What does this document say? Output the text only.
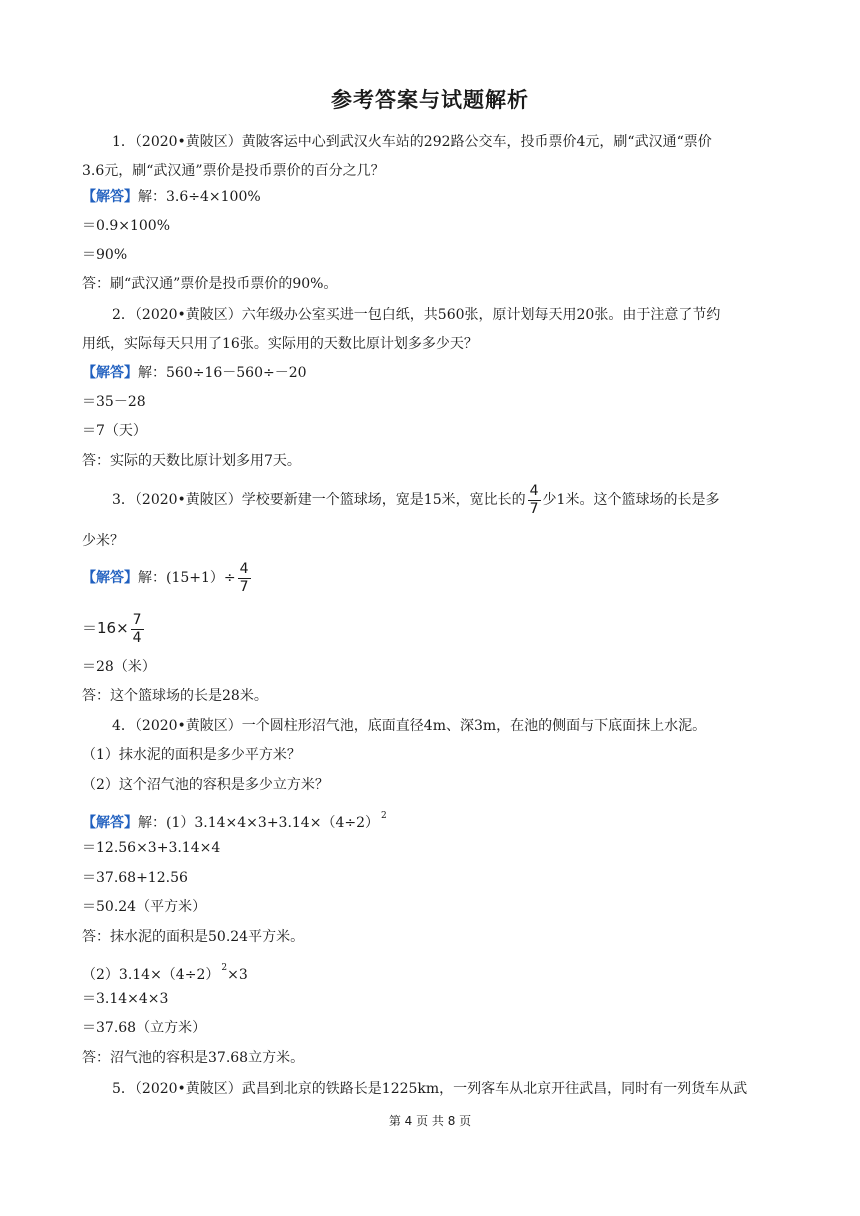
参考答案与试题解析
1．（2020•黄陂区）黄陂客运中心到武汉火车站的292路公交车，投币票价4元，刷“武汉通“票价
3.6元，刷“武汉通”票价是投币票价的百分之几？
【解答】解：3.6÷4×100%
＝0.9×100%
＝90%
答：刷“武汉通”票价是投币票价的90%。
2．（2020•黄陂区）六年级办公室买进一包白纸，共560张，原计划每天用20张。由于注意了节约
用纸，实际每天只用了16张。实际用的天数比原计划多多少天？
【解答】解：560÷16－560÷－20
＝35－28
＝7（天）
答：实际的天数比原计划多用7天。
3．（2020•黄陂区）学校要新建一个篮球场，宽是15米，宽比长的 $\frac{4}{7}$ 少1米。这个篮球场的长是多
少米？
【解答】解：$(15+1)\div \frac{4}{7}$
$=16\times \frac{7}{4}$
＝28（米）
答：这个篮球场的长是28米。
4．（2020•黄陂区）一个圆柱形沼气池，底面直径4m、深3m，在池的侧面与下底面抹上水泥。
（1）抹水泥的面积是多少平方米？
（2）这个沼气池的容积是多少立方米？
【解答】解：(1）3.14×4×3+3.14×（4÷2） $^2$
＝12.56×3+3.14×4
＝37.68+12.56
＝50.24（平方米）
答：抹水泥的面积是50.24平方米。
（2）3.14×（4÷2） $^2$×3
＝3.14×4×3
＝37.68（立方米）
答：沼气池的容积是37.68立方米。
5．（2020•黄陂区）武昌到北京的铁路长是1225km，一列客车从北京开往武昌，同时有一列货车从武
第 4 页 共 8 页
